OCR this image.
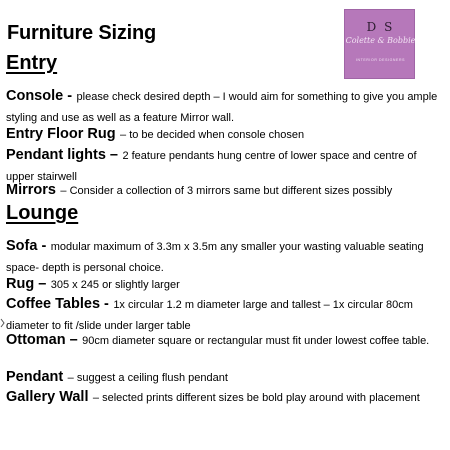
Furniture Sizing	D S
Colette & Bobbie
INTERIOR DESIGNERS
Entry
Console - please check desired depth – I would aim for something to give you ample styling and use as well as a feature Mirror wall.
Entry Floor Rug – to be decided when console chosen
Pendant lights – 2 feature pendants hung centre of lower space and centre of upper stairwell
Mirrors – Consider a collection of 3 mirrors same but different sizes possibly
Lounge
Sofa - modular maximum of 3.3m x 3.5m any smaller your wasting valuable seating space- depth is personal choice.
Rug – 305 x 245 or slightly larger
Coffee Tables - 1x circular 1.2 m diameter large and tallest – 1x circular 80cm diameter to fit /slide under larger table
Ottoman – 90cm diameter square or rectangular must fit under lowest coffee table.
Pendant – suggest a ceiling flush pendant
Gallery Wall – selected prints different sizes be bold play around with placement
